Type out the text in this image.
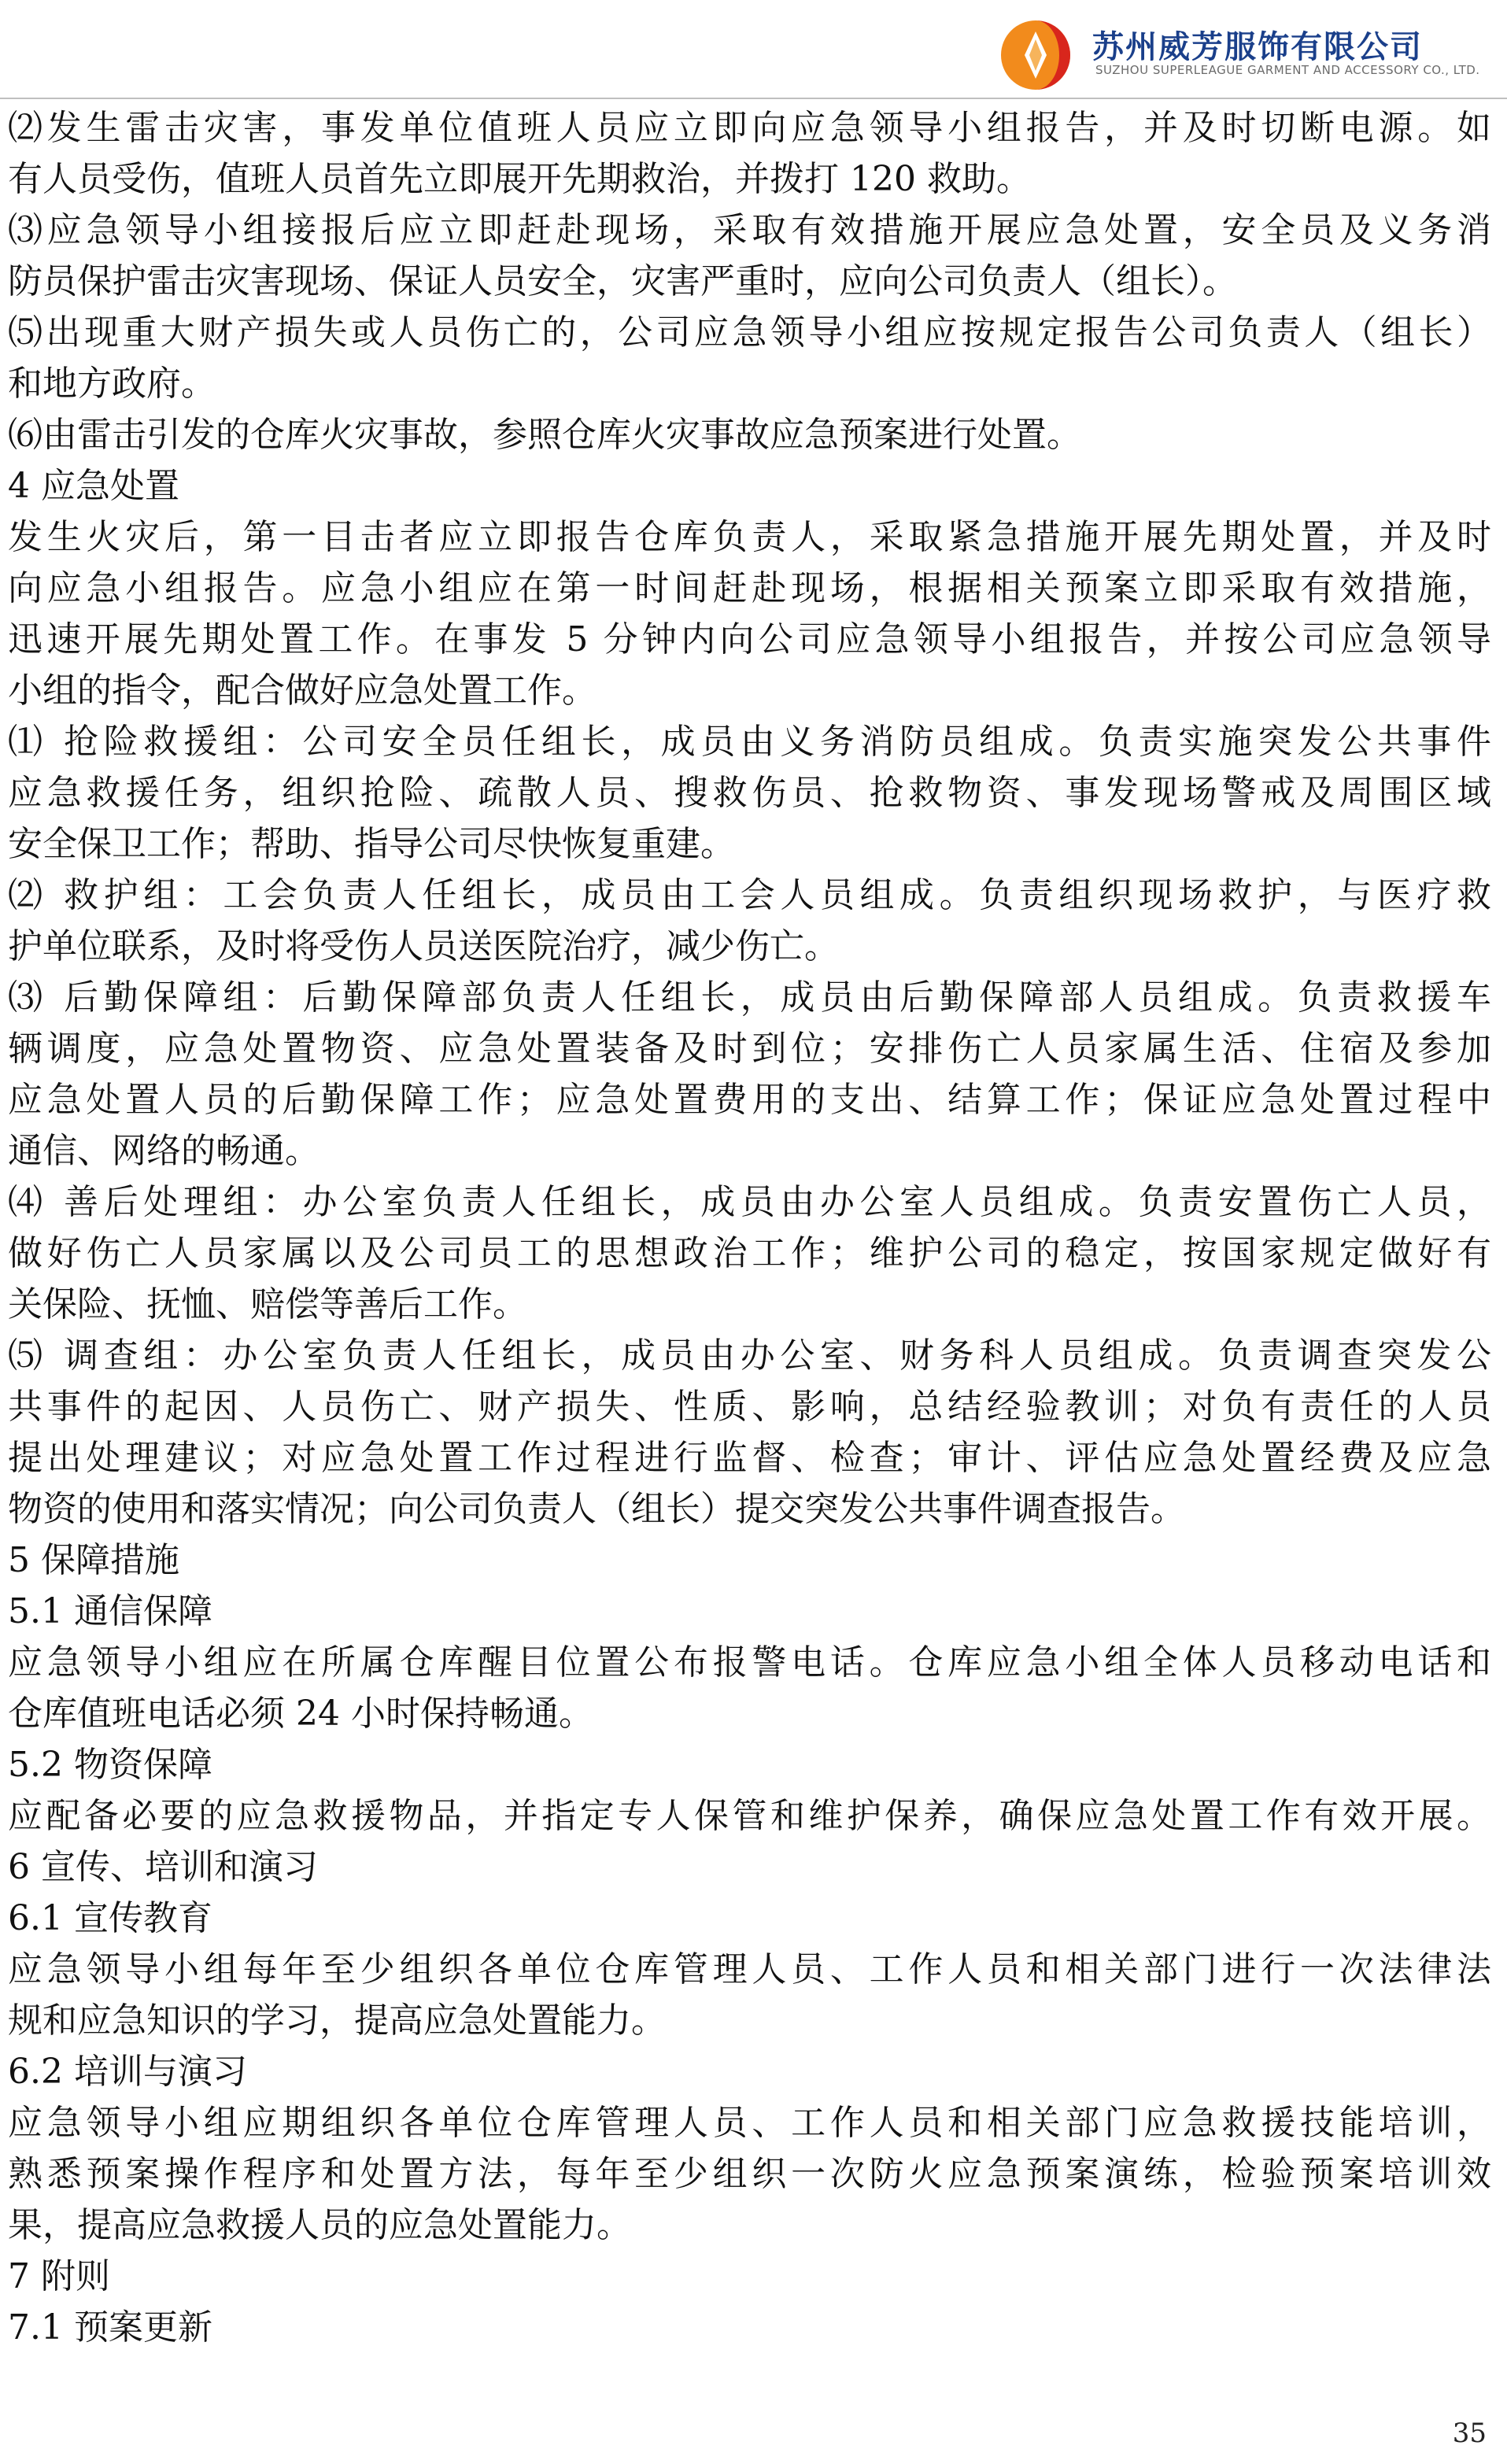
苏州威芳服饰有限公司
SUZHOU SUPERLEAGUE GARMENT AND ACCESSORY CO., LTD.
⑵发生雷击灾害，事发单位值班人员应立即向应急领导小组报告，并及时切断电源。如
有人员受伤，值班人员首先立即展开先期救治，并拨打 120 救助。
⑶应急领导小组接报后应立即赶赴现场，采取有效措施开展应急处置，安全员及义务消
防员保护雷击灾害现场、保证人员安全，灾害严重时，应向公司负责人（组长）。
⑸出现重大财产损失或人员伤亡的，公司应急领导小组应按规定报告公司负责人（组长）
和地方政府。
⑹由雷击引发的仓库火灾事故，参照仓库火灾事故应急预案进行处置。
4 应急处置
发生火灾后，第一目击者应立即报告仓库负责人，采取紧急措施开展先期处置，并及时
向应急小组报告。应急小组应在第一时间赶赴现场，根据相关预案立即采取有效措施，
迅速开展先期处置工作。在事发 5 分钟内向公司应急领导小组报告，并按公司应急领导
小组的指令，配合做好应急处置工作。
⑴ 抢险救援组：公司安全员任组长，成员由义务消防员组成。负责实施突发公共事件
应急救援任务，组织抢险、疏散人员、搜救伤员、抢救物资、事发现场警戒及周围区域
安全保卫工作；帮助、指导公司尽快恢复重建。
⑵ 救护组：工会负责人任组长，成员由工会人员组成。负责组织现场救护，与医疗救
护单位联系，及时将受伤人员送医院治疗，减少伤亡。
⑶ 后勤保障组：后勤保障部负责人任组长，成员由后勤保障部人员组成。负责救援车
辆调度，应急处置物资、应急处置装备及时到位；安排伤亡人员家属生活、住宿及参加
应急处置人员的后勤保障工作；应急处置费用的支出、结算工作；保证应急处置过程中
通信、网络的畅通。
⑷ 善后处理组：办公室负责人任组长，成员由办公室人员组成。负责安置伤亡人员，
做好伤亡人员家属以及公司员工的思想政治工作；维护公司的稳定，按国家规定做好有
关保险、抚恤、赔偿等善后工作。
⑸ 调查组：办公室负责人任组长，成员由办公室、财务科人员组成。负责调查突发公
共事件的起因、人员伤亡、财产损失、性质、影响，总结经验教训；对负有责任的人员
提出处理建议；对应急处置工作过程进行监督、检查；审计、评估应急处置经费及应急
物资的使用和落实情况；向公司负责人（组长）提交突发公共事件调查报告。
5 保障措施
5.1 通信保障
应急领导小组应在所属仓库醒目位置公布报警电话。仓库应急小组全体人员移动电话和
仓库值班电话必须 24 小时保持畅通。
5.2 物资保障
应配备必要的应急救援物品，并指定专人保管和维护保养，确保应急处置工作有效开展。
6 宣传、培训和演习
6.1 宣传教育
应急领导小组每年至少组织各单位仓库管理人员、工作人员和相关部门进行一次法律法
规和应急知识的学习，提高应急处置能力。
6.2 培训与演习
应急领导小组应期组织各单位仓库管理人员、工作人员和相关部门应急救援技能培训，
熟悉预案操作程序和处置方法，每年至少组织一次防火应急预案演练，检验预案培训效
果，提高应急救援人员的应急处置能力。
7 附则
7.1 预案更新
35
